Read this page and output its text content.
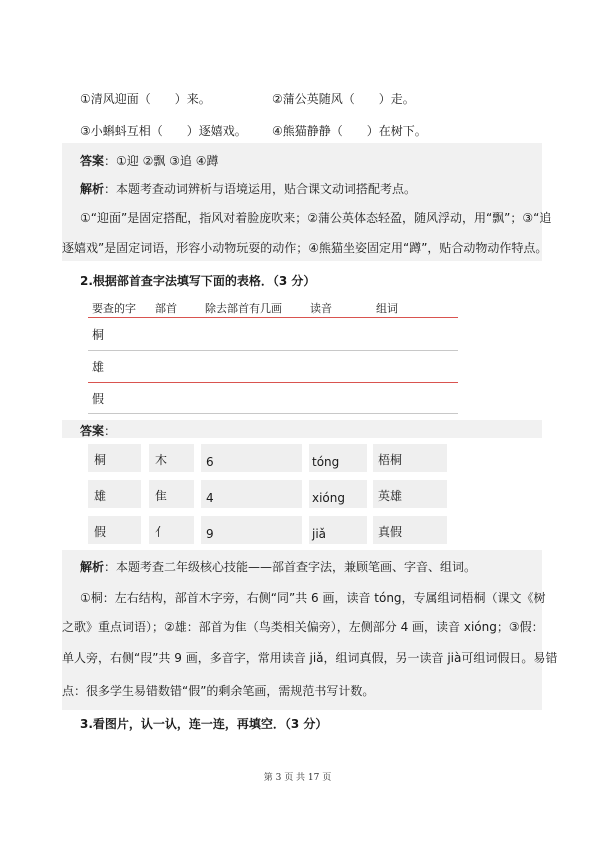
①清风迎面（　　）来。	②蒲公英随风（　　）走。
③小蝌蚪互相（　　）逐嬉戏。 ④熊猫静静（　　）在树下。
答案：①迎 ②飘 ③追 ④蹲
解析：本题考查动词辨析与语境运用，贴合课文动词搭配考点。
①“迎面”是固定搭配，指风对着脸庞吹来；②蒲公英体态轻盈，随风浮动，用“飘”；③“追
逐嬉戏”是固定词语，形容小动物玩耍的动作；④熊猫坐姿固定用“蹲”，贴合动物动作特点。
2.根据部首查字法填写下面的表格．（3 分）
要查的字 部首	除去部首有几画	读音	组词
桐
雄
假
答案：
桐	木	6	tóng	梧桐
雄	隹	4	xióng	英雄
假	亻	9	jiǎ	真假
解析：本题考查二年级核心技能——部首查字法，兼顾笔画、字音、组词。
①桐：左右结构，部首木字旁，右侧“同”共 6 画，读音 tóng，专属组词梧桐（课文《树
之歌》重点词语）；②雄：部首为隹（鸟类相关偏旁），左侧部分 4 画，读音 xióng；③假：
单人旁，右侧“叚”共 9 画，多音字，常用读音 jiǎ，组词真假，另一读音 jià可组词假日。易错
点：很多学生易错数错“假”的剩余笔画，需规范书写计数。
3.看图片，认一认，连一连，再填空．（3 分）
第 3 页 共 17 页
